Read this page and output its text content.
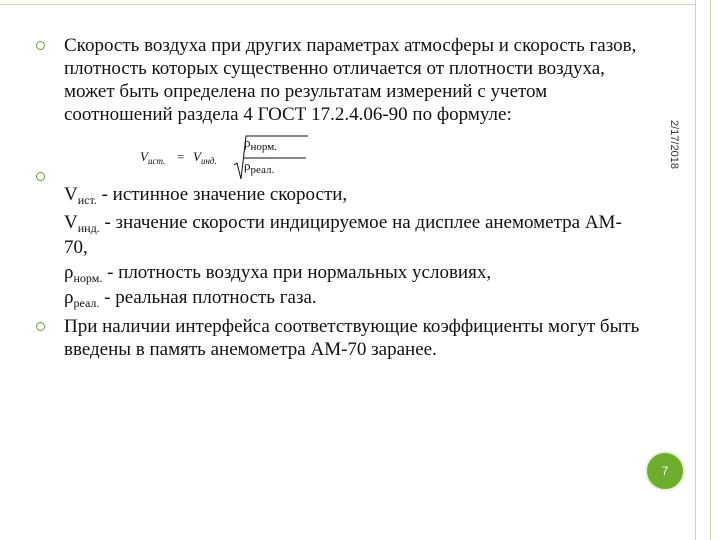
2/17/2018
Скорость воздуха при других параметрах атмосферы и скорость газов,
плотность которых существенно отличается от плотности воздуха,
может быть определена по результатам измерений с учетом
соотношений раздела 4 ГОСТ 17.2.4.06-90 по формуле:
$V_{ист.} = V_{инд.}$
$\rho_{норм.}$
$\rho_{реал.}$
$V_{ист.}$ - истинное значение скорости,
$V_{инд.}$ - значение скорости индицируемое на дисплее анемометра АМ-
70,
$\rho_{норм.}$ - плотность воздуха при нормальных условиях,
$\rho_{реал.}$ - реальная плотность газа.
При наличии интерфейса соответствующие коэффициенты могут быть
введены в память анемометра АМ-70 заранее.
7
